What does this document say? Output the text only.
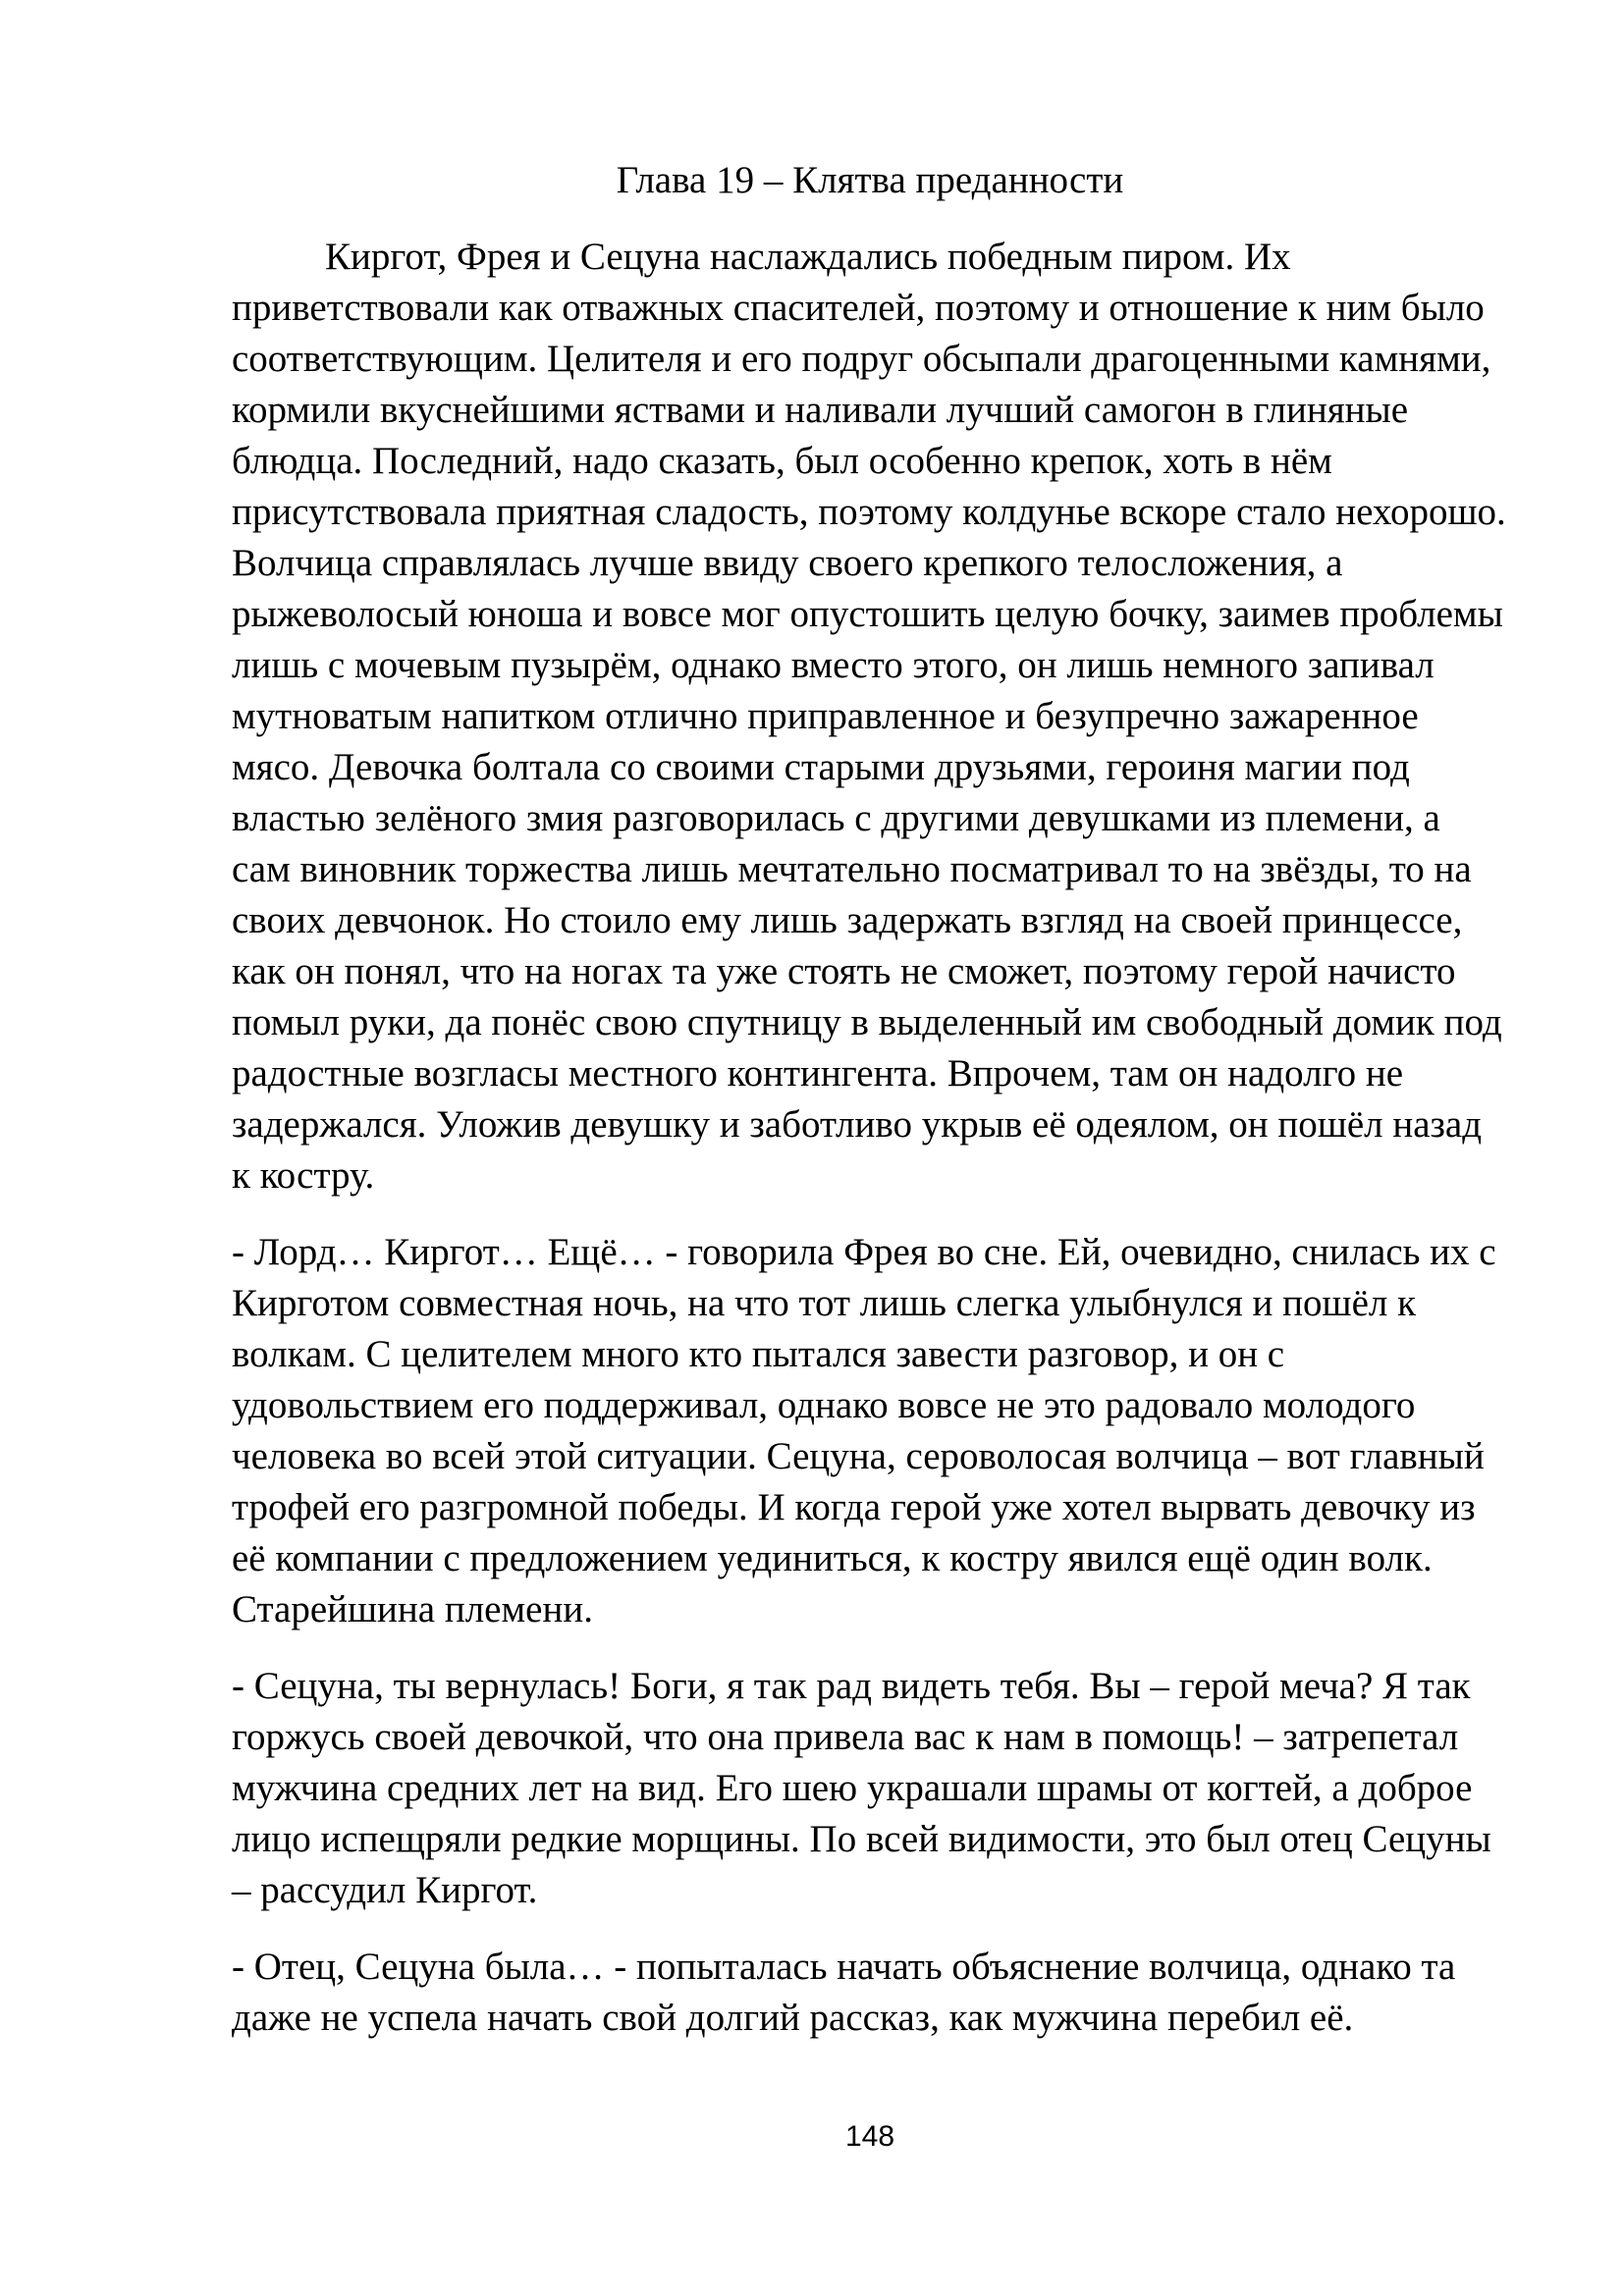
Глава 19 – Клятва преданности
Киргот, Фрея и Сецуна наслаждались победным пиром. Их
приветствовали как отважных спасителей, поэтому и отношение к ним было
соответствующим. Целителя и его подруг обсыпали драгоценными камнями,
кормили вкуснейшими яствами и наливали лучший самогон в глиняные
блюдца. Последний, надо сказать, был особенно крепок, хоть в нём
присутствовала приятная сладость, поэтому колдунье вскоре стало нехорошо.
Волчица справлялась лучше ввиду своего крепкого телосложения, а
рыжеволосый юноша и вовсе мог опустошить целую бочку, заимев проблемы
лишь с мочевым пузырём, однако вместо этого, он лишь немного запивал
мутноватым напитком отлично приправленное и безупречно зажаренное
мясо. Девочка болтала со своими старыми друзьями, героиня магии под
властью зелёного змия разговорилась с другими девушками из племени, а
сам виновник торжества лишь мечтательно посматривал то на звёзды, то на
своих девчонок. Но стоило ему лишь задержать взгляд на своей принцессе,
как он понял, что на ногах та уже стоять не сможет, поэтому герой начисто
помыл руки, да понёс свою спутницу в выделенный им свободный домик под
радостные возгласы местного контингента. Впрочем, там он надолго не
задержался. Уложив девушку и заботливо укрыв её одеялом, он пошёл назад
к костру.
- Лорд… Киргот… Ещё… - говорила Фрея во сне. Ей, очевидно, снилась их с
Кирготом совместная ночь, на что тот лишь слегка улыбнулся и пошёл к
волкам. С целителем много кто пытался завести разговор, и он с
удовольствием его поддерживал, однако вовсе не это радовало молодого
человека во всей этой ситуации. Сецуна, сероволосая волчица – вот главный
трофей его разгромной победы. И когда герой уже хотел вырвать девочку из
её компании с предложением уединиться, к костру явился ещё один волк.
Старейшина племени.
- Сецуна, ты вернулась! Боги, я так рад видеть тебя. Вы – герой меча? Я так
горжусь своей девочкой, что она привела вас к нам в помощь! – затрепетал
мужчина средних лет на вид. Его шею украшали шрамы от когтей, а доброе
лицо испещряли редкие морщины. По всей видимости, это был отец Сецуны
– рассудил Киргот.
- Отец, Сецуна была… - попыталась начать объяснение волчица, однако та
даже не успела начать свой долгий рассказ, как мужчина перебил её.
148
